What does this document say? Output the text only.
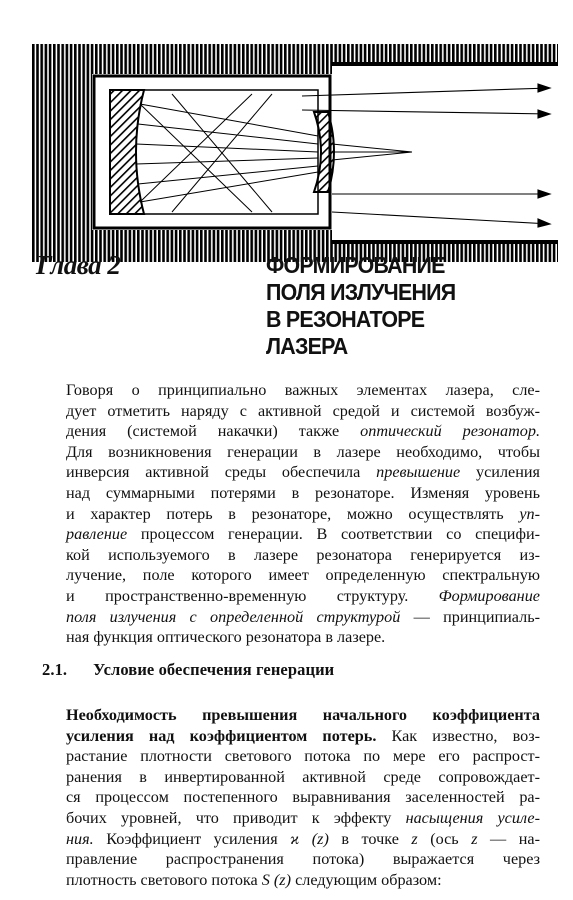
Глава 2	ФОРМИРОВАНИЕ
ПОЛЯ ИЗЛУЧЕНИЯ
В РЕЗОНАТОРЕ
ЛАЗЕРА
Говоря о принципиально важных элементах лазера, сле-
дует отметить наряду с активной средой и системой возбуж-
дения (системой накачки) также оптический резонатор.
Для возникновения генерации в лазере необходимо, чтобы
инверсия активной среды обеспечила превышение усиления
над суммарными потерями в резонаторе. Изменяя уровень
и характер потерь в резонаторе, можно осуществлять уп-
равление процессом генерации. В соответствии со специфи-
кой используемого в лазере резонатора генерируется из-
лучение, поле которого имеет определенную спектральную
и пространственно-временную структуру. Формирование
поля излучения с определенной структурой — принципиаль-
ная функция оптического резонатора в лазере.
2.1. Условие обеспечения генерации
Необходимость превышения начального коэффициента
усиления над коэффициентом потерь. Как известно, воз-
растание плотности светового потока по мере его распрост-
ранения в инвертированной активной среде сопровождает-
ся процессом постепенного выравнивания заселенностей ра-
бочих уровней, что приводит к эффекту насыщения усиле-
ния. Коэффициент усиления ϰ (z) в точке z (ось z — на-
правление распространения потока) выражается через
плотность светового потока S (z) следующим образом:
